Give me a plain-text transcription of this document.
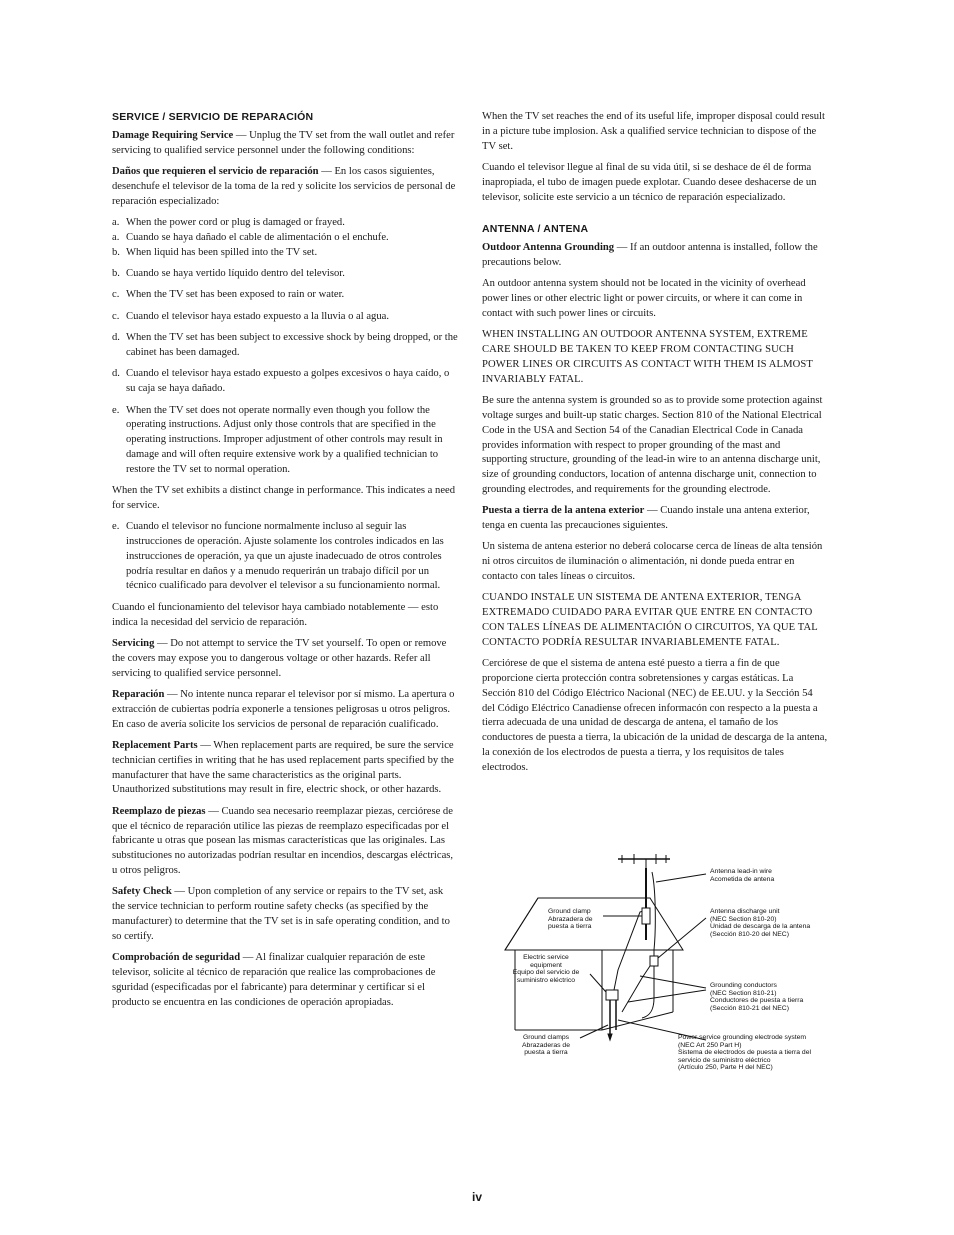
SERVICE / SERVICIO DE REPARACIÓN

Damage Requiring Service — Unplug the TV set from the wall outlet and refer servicing to qualified service personnel under the following conditions:

Daños que requieren el servicio de reparación — En los casos siguientes, desenchufe el televisor de la toma de la red y solicite los servicios de personal de reparación especializado:

a. When the power cord or plug is damaged or frayed.
a. Cuando se haya dañado el cable de alimentación o el enchufe.
b. When liquid has been spilled into the TV set.
b. Cuando se haya vertido líquido dentro del televisor.
c. When the TV set has been exposed to rain or water.
c. Cuando el televisor haya estado expuesto a la lluvia o al agua.
d. When the TV set has been subject to excessive shock by being dropped, or the cabinet has been damaged.
d. Cuando el televisor haya estado expuesto a golpes excesivos o haya caído, o su caja se haya dañado.
e. When the TV set does not operate normally even though you follow the operating instructions. Adjust only those controls that are specified in the operating instructions. Improper adjustment of other controls may result in damage and will often require extensive work by a qualified technician to restore the TV set to normal operation.

When the TV set exhibits a distinct change in performance. This indicates a need for service.

e. Cuando el televisor no funcione normalmente incluso al seguir las instrucciones de operación. Ajuste solamente los controles indicados en las instrucciones de operación, ya que un ajuste inadecuado de otros controles podría resultar en daños y a menudo requerirán un trabajo difícil por un técnico cualificado para devolver el televisor a su funcionamiento normal.

Cuando el funcionamiento del televisor haya cambiado notablemente — esto indica la necesidad del servicio de reparación.

Servicing — Do not attempt to service the TV set yourself. To open or remove the covers may expose you to dangerous voltage or other hazards. Refer all servicing to qualified service personnel.

Reparación — No intente nunca reparar el televisor por sí mismo. La apertura o extracción de cubiertas podría exponerle a tensiones peligrosas u otros peligros. En caso de avería solicite los servicios de personal de reparación cualificado.

Replacement Parts — When replacement parts are required, be sure the service technician certifies in writing that he has used replacement parts specified by the manufacturer that have the same characteristics as the original parts. Unauthorized substitutions may result in fire, electric shock, or other hazards.

Reemplazo de piezas — Cuando sea necesario reemplazar piezas, cerciórese de que el técnico de reparación utilice las piezas de reemplazo especificadas por el fabricante u otras que posean las mismas características que las originales. Las substituciones no autorizadas podrían resultar en incendios, descargas eléctricas, u otros peligros.

Safety Check — Upon completion of any service or repairs to the TV set, ask the service technician to perform routine safety checks (as specified by the manufacturer) to determine that the TV set is in safe operating condition, and to so certify.

Comprobación de seguridad — Al finalizar cualquier reparación de este televisor, solicite al técnico de reparación que realice las comprobaciones de sguridad (especificadas por el fabricante) para determinar y certificar si el producto se encuentra en las condiciones de operación apropiadas.

When the TV set reaches the end of its useful life, improper disposal could result in a picture tube implosion. Ask a qualified service technician to dispose of the TV set.

Cuando el televisor llegue al final de su vida útil, si se deshace de él de forma inapropiada, el tubo de imagen puede explotar. Cuando desee deshacerse de un televisor, solicite este servicio a un técnico de reparación especializado.

ANTENNA / ANTENA

Outdoor Antenna Grounding — If an outdoor antenna is installed, follow the precautions below.

An outdoor antenna system should not be located in the vicinity of overhead power lines or other electric light or power circuits, or where it can come in contact with such power lines or circuits.

WHEN INSTALLING AN OUTDOOR ANTENNA SYSTEM, EXTREME CARE SHOULD BE TAKEN TO KEEP FROM CONTACTING SUCH POWER LINES OR CIRCUITS AS CONTACT WITH THEM IS ALMOST INVARIABLY FATAL.

Be sure the antenna system is grounded so as to provide some protection against voltage surges and built-up static charges. Section 810 of the National Electrical Code in the USA and Section 54 of the Canadian Electrical Code in Canada provides information with respect to proper grounding of the mast and supporting structure, grounding of the lead-in wire to an antenna discharge unit, size of grounding conductors, location of antenna discharge unit, connection to grounding electrodes, and requirements for the grounding electrode.

Puesta a tierra de la antena exterior — Cuando instale una antena exterior, tenga en cuenta las precauciones siguientes.

Un sistema de antena esterior no deberá colocarse cerca de líneas de alta tensión ni otros circuitos de iluminación o alimentación, ni donde pueda entrar en contacto con tales líneas o circuitos.

CUANDO INSTALE UN SISTEMA DE ANTENA EXTERIOR, TENGA EXTREMADO CUIDADO PARA EVITAR QUE ENTRE EN CONTACTO CON TALES LÍNEAS DE ALIMENTACIÓN O CIRCUITOS, YA QUE TAL CONTACTO PODRÍA RESULTAR INVARIABLEMENTE FATAL.

Cerciórese de que el sistema de antena esté puesto a tierra a fin de que proporcione cierta protección contra sobretensiones y cargas estáticas. La Sección 810 del Código Eléctrico Nacional (NEC) de EE.UU. y la Sección 54 del Código Eléctrico Canadiense ofrecen informacón con respecto a la puesta a tierra adecuada de una unidad de descarga de antena, el tamaño de los conductores de puesta a tierra, la ubicación de la unidad de descarga de la antena, la conexión de los electrodos de puesta a tierra, y los requisitos de tales electrodos.

Antenna lead-in wire
Acometida de antena
Antenna discharge unit
(NEC Section 810-20)
Unidad de descarga de la antena
(Sección 810-20 del NEC)
Grounding conductors
(NEC Section 810-21)
Conductores de puesta a tierra
(Sección 810-21 del NEC)
Power service grounding electrode system
(NEC Art 250 Part H)
Sistema de electrodos de puesta a tierra del
servicio de suministro eléctrico
(Artículo 250, Parte H del NEC)
Ground clamp
Abrazadera de
puesta a tierra
Electric service
equipment
Equipo del servicio de
suministro eléctrico
Ground clamps
Abrazaderas de
puesta a tierra
iv
